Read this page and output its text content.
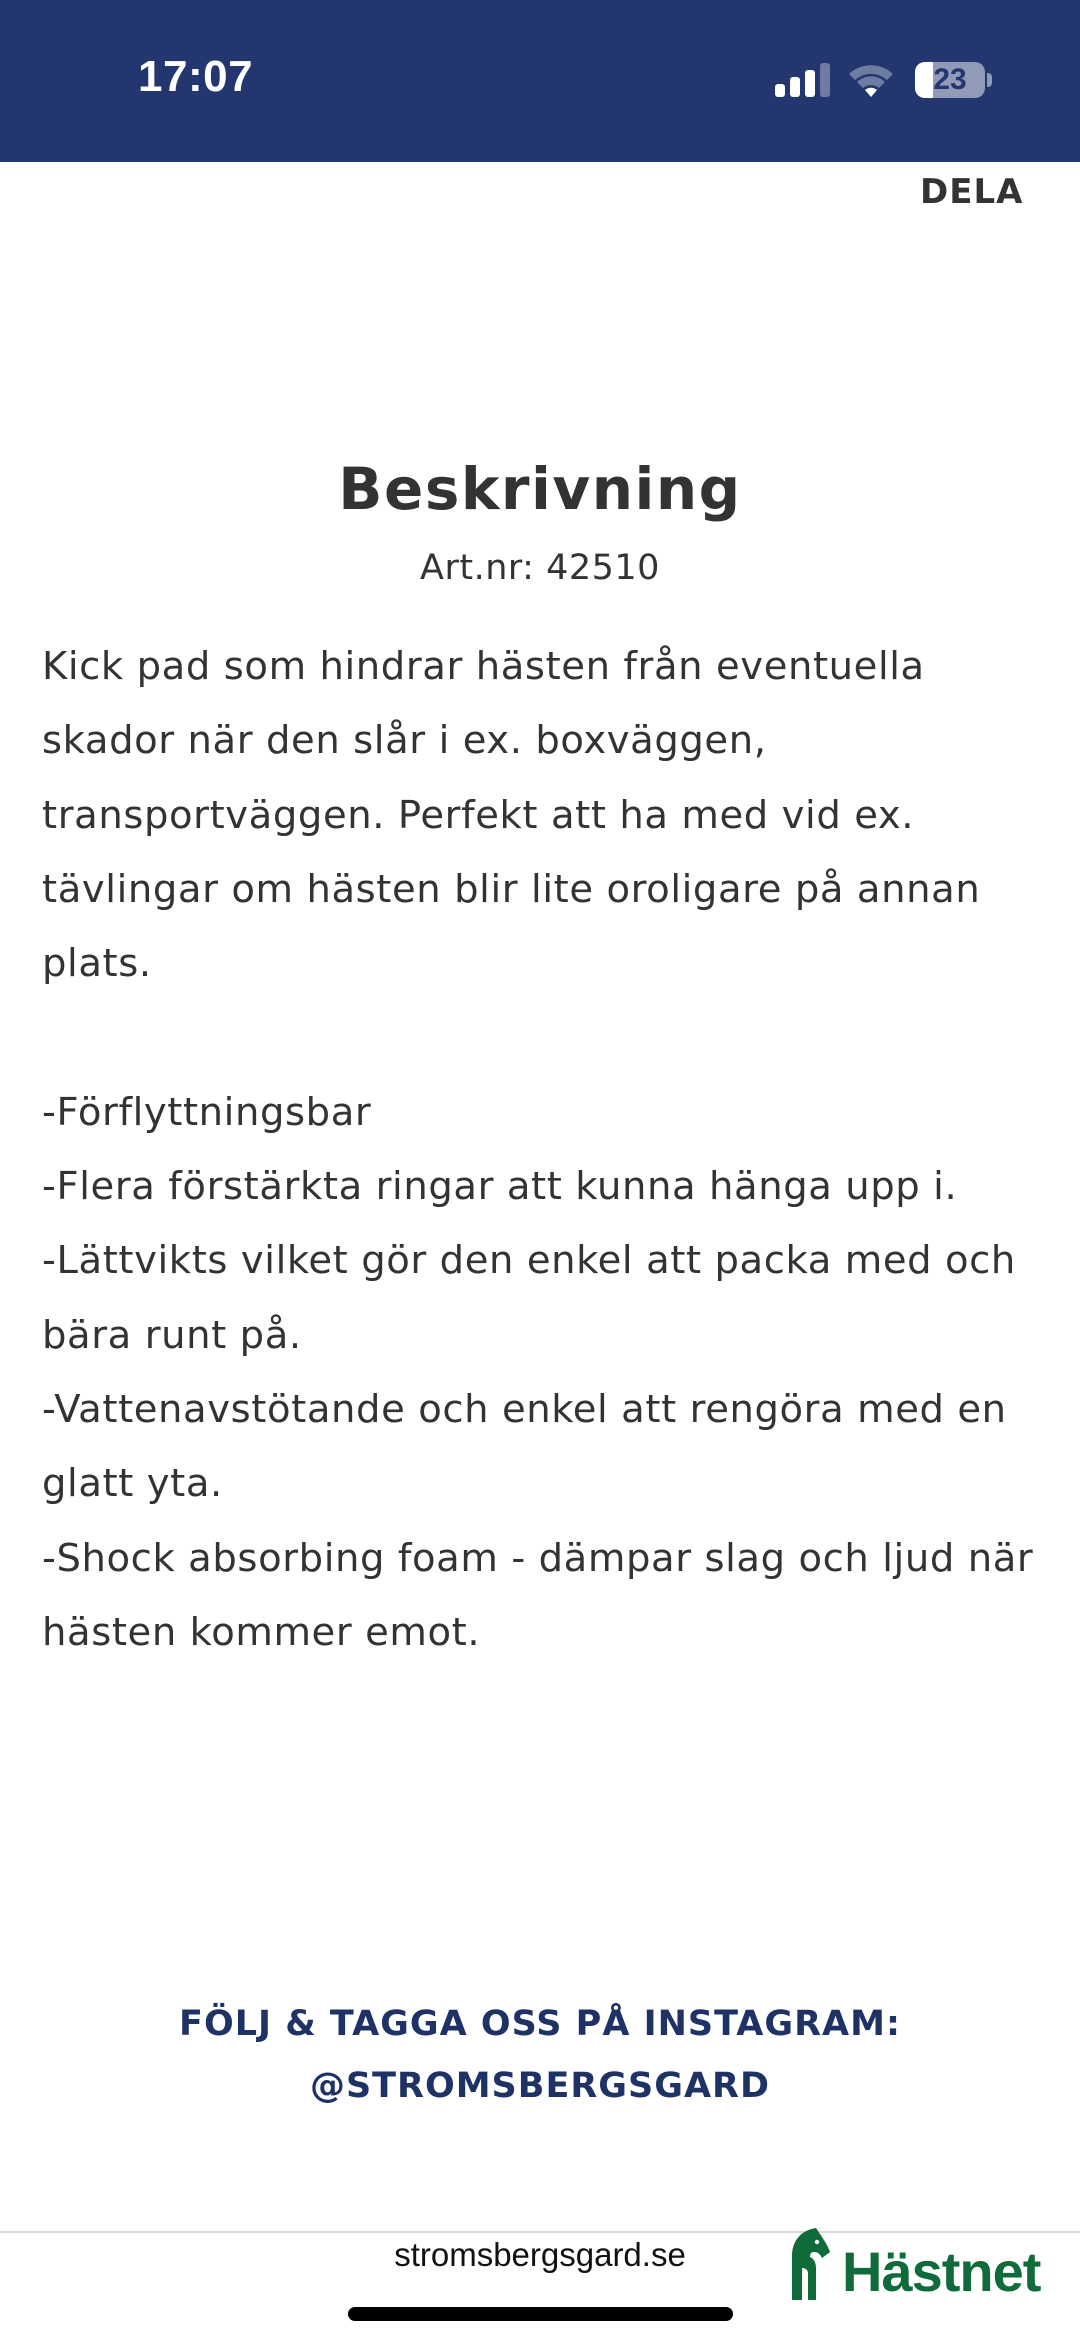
17:07	23
DELA
Beskrivning
Art.nr: 42510

Kick pad som hindrar hästen från eventuella skador när den slår i ex. boxväggen, transportväggen. Perfekt att ha med vid ex. tävlingar om hästen blir lite oroligare på annan plats.

-Förflyttningsbar

-Flera förstärkta ringar att kunna hänga upp i.

-Lättvikts vilket gör den enkel att packa med och bära runt på.

-Vattenavstötande och enkel att rengöra med en glatt yta.

-Shock absorbing foam - dämpar slag och ljud när hästen kommer emot.

FÖLJ & TAGGA OSS PÅ INSTAGRAM:
@STROMSBERGSGARD
stromsbergsgard.se	Hästnet
